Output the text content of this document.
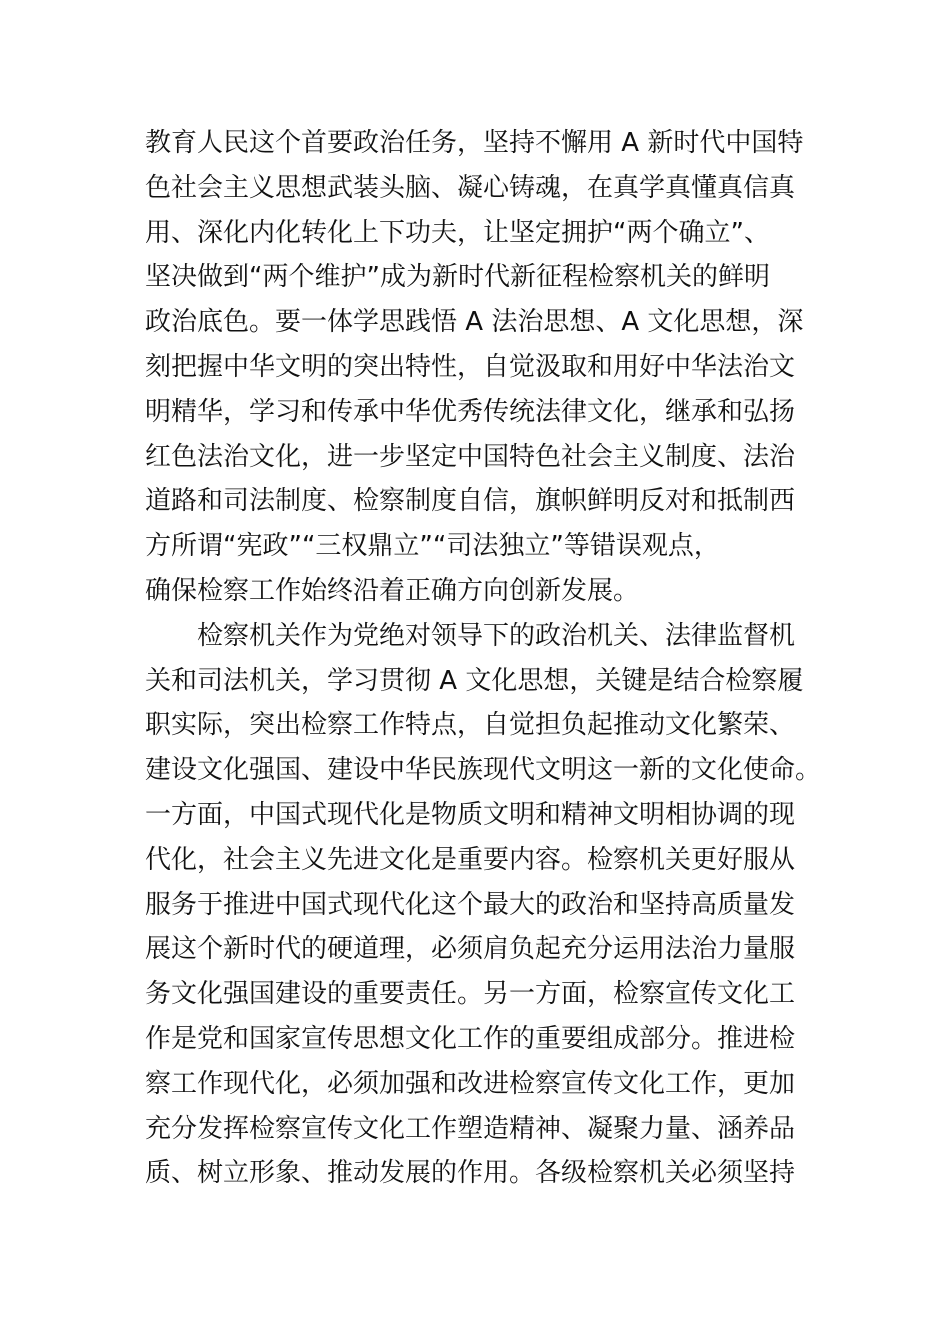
教育人民这个首要政治任务，坚持不懈用 A 新时代中国特
色社会主义思想武装头脑、凝心铸魂，在真学真懂真信真
用、深化内化转化上下功夫，让坚定拥护“两个确立”、
坚决做到“两个维护”成为新时代新征程检察机关的鲜明
政治底色。要一体学思践悟 A 法治思想、A 文化思想，深
刻把握中华文明的突出特性，自觉汲取和用好中华法治文
明精华，学习和传承中华优秀传统法律文化，继承和弘扬
红色法治文化，进一步坚定中国特色社会主义制度、法治
道路和司法制度、检察制度自信，旗帜鲜明反对和抵制西
方所谓“宪政”“三权鼎立”“司法独立”等错误观点，
确保检察工作始终沿着正确方向创新发展。
检察机关作为党绝对领导下的政治机关、法律监督机
关和司法机关，学习贯彻 A 文化思想，关键是结合检察履
职实际，突出检察工作特点，自觉担负起推动文化繁荣、
建设文化强国、建设中华民族现代文明这一新的文化使命。
一方面，中国式现代化是物质文明和精神文明相协调的现
代化，社会主义先进文化是重要内容。检察机关更好服从
服务于推进中国式现代化这个最大的政治和坚持高质量发
展这个新时代的硬道理，必须肩负起充分运用法治力量服
务文化强国建设的重要责任。另一方面，检察宣传文化工
作是党和国家宣传思想文化工作的重要组成部分。推进检
察工作现代化，必须加强和改进检察宣传文化工作，更加
充分发挥检察宣传文化工作塑造精神、凝聚力量、涵养品
质、树立形象、推动发展的作用。各级检察机关必须坚持
